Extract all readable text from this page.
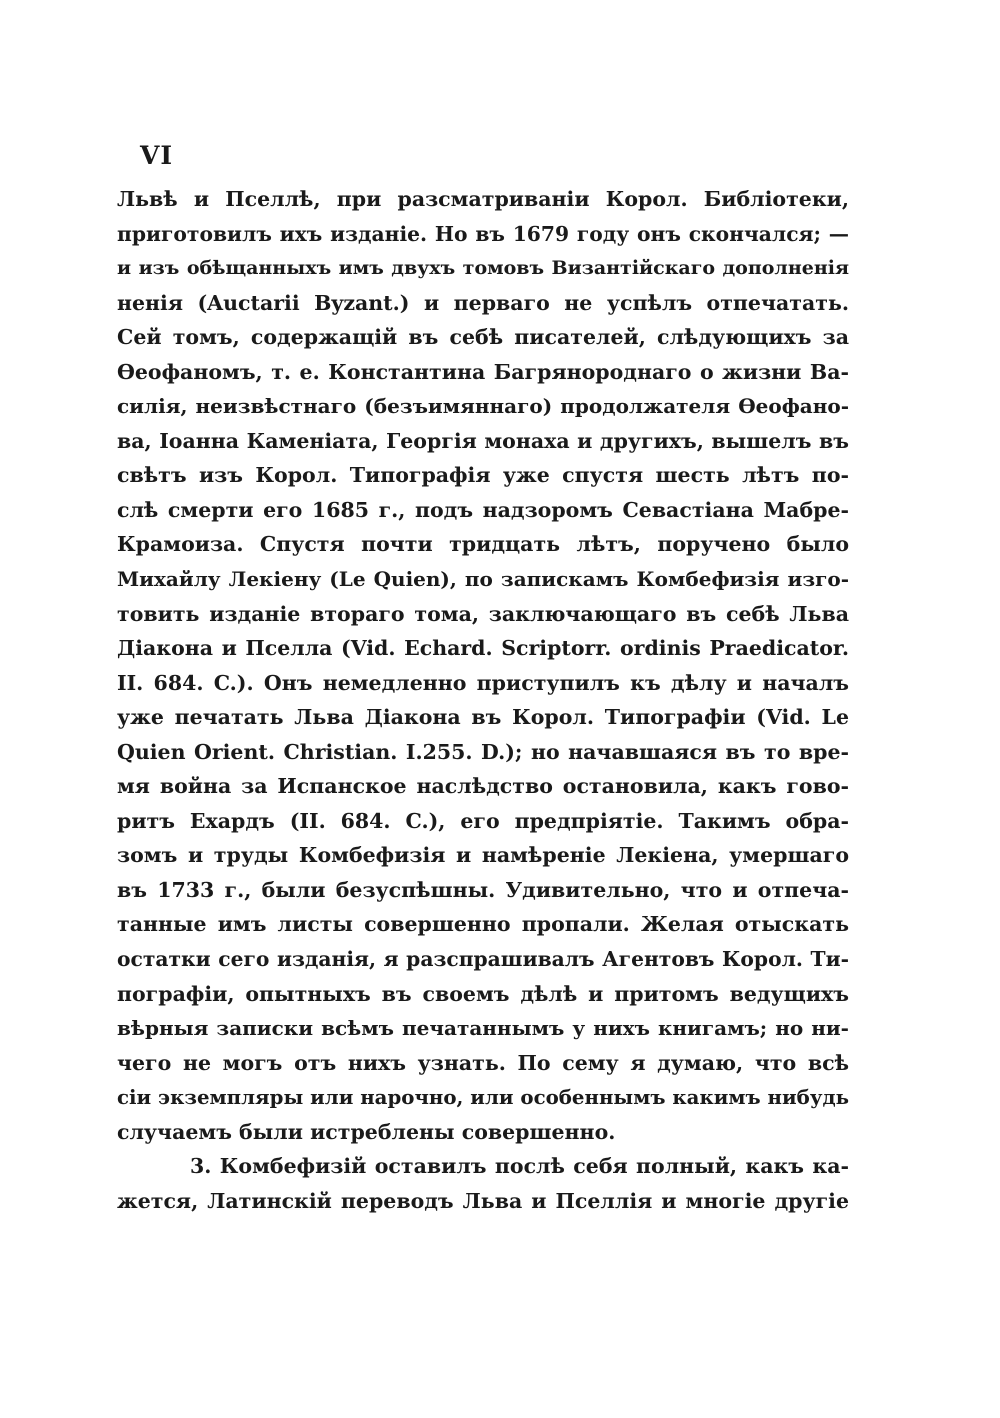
VI
Львѣ и Пселлѣ, при разсматриваніи Корол. Библіотеки,
приготовилъ ихъ изданіе. Но въ 1679 году онъ скончался; —
и изъ обѣщанныхъ имъ двухъ томовъ Византійскаго дополненія
ненія (Auctarii Byzant.) и перваго не успѣлъ отпечатать.
Сей томъ, содержащій въ себѣ писателей, слѣдующихъ за
Ѳеофаномъ, т. е. Константина Багрянороднаго о жизни Ва-
силія, неизвѣстнаго (безъимяннаго) продолжателя Ѳеофано-
ва, Іоанна Каменіата, Георгія монаха и другихъ, вышелъ въ
свѣтъ изъ Корол. Типографія уже спустя шесть лѣтъ по-
слѣ смерти его 1685 г., подъ надзоромъ Севастіана Мабре-
Крамоиза. Спустя почти тридцать лѣтъ, поручено было
Михайлу Лекіену (Le Quien), по запискамъ Комбефизія изго-
товить изданіе втораго тома, заключающаго въ себѣ Льва
Діакона и Пселла (Vid. Echard. Scriptorr. ordinis Praedicator.
II. 684. C.). Онъ немедленно приступилъ къ дѣлу и началъ
уже печатать Льва Діакона въ Корол. Типографіи (Vid. Le
Quien Orient. Christian. I.255. D.); но начавшаяся въ то вре-
мя война за Испанское наслѣдство остановила, какъ гово-
ритъ Ехардъ (II. 684. C.), его предпріятіе. Такимъ обра-
зомъ и труды Комбефизія и намѣреніе Лекіена, умершаго
въ 1733 г., были безуспѣшны. Удивительно, что и отпеча-
танные имъ листы совершенно пропали. Желая отыскать
остатки сего изданія, я разспрашивалъ Агентовъ Корол. Ти-
пографіи, опытныхъ въ своемъ дѣлѣ и притомъ ведущихъ
вѣрныя записки всѣмъ печатаннымъ у нихъ книгамъ; но ни-
чего не могъ отъ нихъ узнать. По сему я думаю, что всѣ
сіи экземпляры или нарочно, или особеннымъ какимъ нибудь
случаемъ были истреблены совершенно.
3. Комбефизій оставилъ послѣ себя полный, какъ ка-
жется, Латинскій переводъ Льва и Пселлія и многіе другіе
